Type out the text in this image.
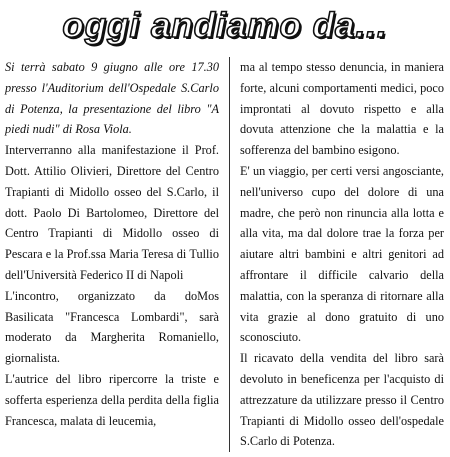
oggi andiamo da...

Si terrà sabato 9 giugno alle ore 17.30 presso l'Auditorium dell'Ospedale S.Carlo di Potenza, la presentazione del libro "A piedi nudi" di Rosa Viola.

Interverranno alla manifestazione il Prof. Dott. Attilio Olivieri, Direttore del Centro Trapianti di Midollo osseo del S.Carlo, il dott. Paolo Di Bartolomeo, Direttore del Centro Trapianti di Midollo osseo di Pescara e la Prof.ssa Maria Teresa di Tullio dell'Università Federico II di Napoli

L'incontro, organizzato da doMos Basilicata "Francesca Lombardi", sarà moderato da Margherita Romaniello, giornalista.

L'autrice del libro ripercorre la triste e sofferta esperienza della perdita della figlia Francesca, malata di leucemia,

ma al tempo stesso denuncia, in maniera forte, alcuni comportamenti medici, poco improntati al dovuto rispetto e alla dovuta attenzione che la malattia e la sofferenza del bambino esigono.

E' un viaggio, per certi versi angosciante, nell'universo cupo del dolore di una madre, che però non rinuncia alla lotta e alla vita, ma dal dolore trae la forza per aiutare altri bambini e altri genitori ad affrontare il difficile calvario della malattia, con la speranza di ritornare alla vita grazie al dono gratuito di uno sconosciuto.

Il ricavato della vendita del libro sarà devoluto in beneficenza per l'acquisto di attrezzature da utilizzare presso il Centro Trapianti di Midollo osseo dell'ospedale S.Carlo di Potenza.
